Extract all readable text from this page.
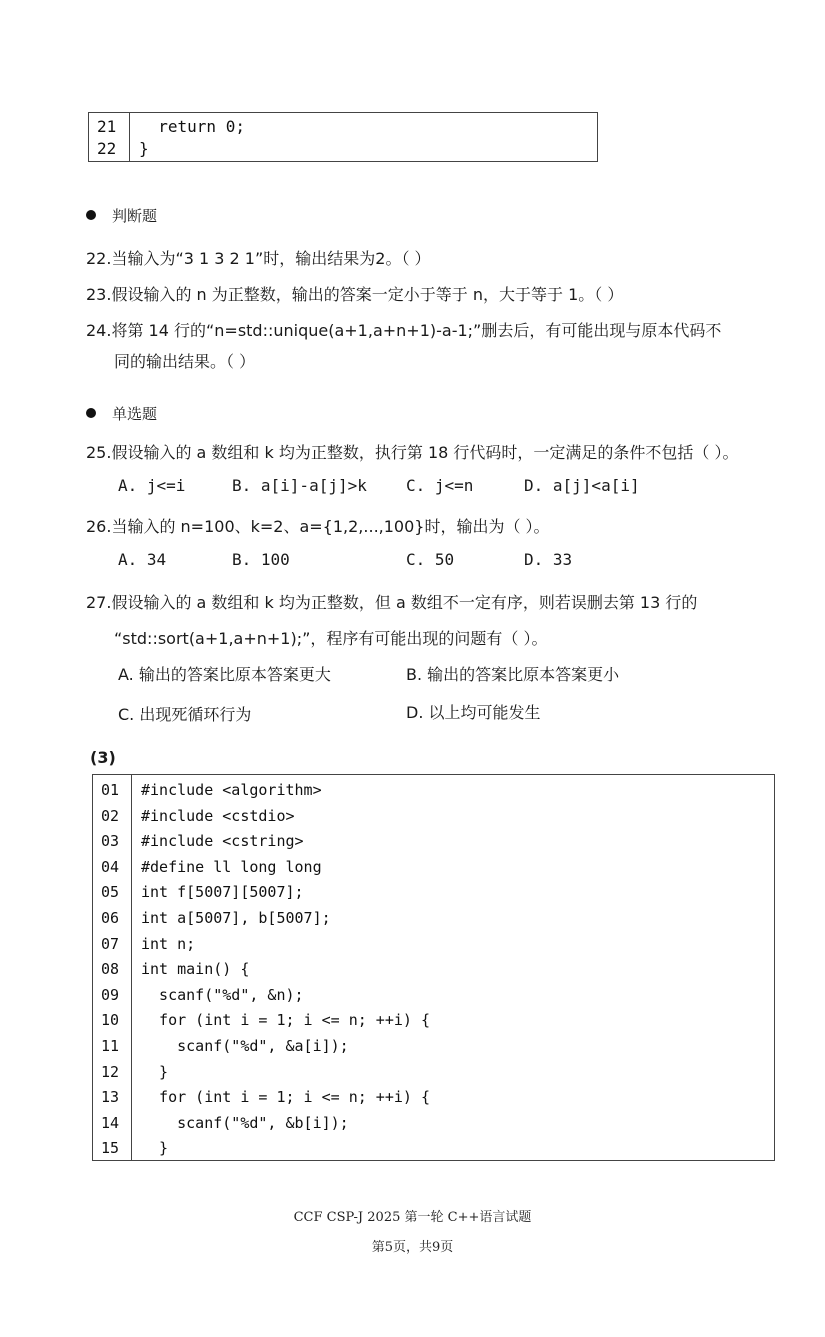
21 return 0;
22 }
判断题
22.当输入为“3 1 3 2 1”时，输出结果为2。（ ）
23.假设输入的 n 为正整数，输出的答案一定小于等于 n，大于等于 1。（ ）
24.将第 14 行的“n=std::unique(a+1,a+n+1)-a-1;”删去后，有可能出现与原本代码不
同的输出结果。（ ）
单选题
25.假设输入的 a 数组和 k 均为正整数，执行第 18 行代码时，一定满足的条件不包括（ ）。
A. j<=i	B. a[i]-a[j]>k C. j<=n	D. a[j]<a[i]
26.当输入的 n=100、k=2、a={1,2,...,100}时，输出为（ ）。
A. 34	B. 100	C. 50	D. 33
27.假设输入的 a 数组和 k 均为正整数，但 a 数组不一定有序，则若误删去第 13 行的
“std::sort(a+1,a+n+1);”，程序有可能出现的问题有（ ）。
A. 输出的答案比原本答案更大	B. 输出的答案比原本答案更小
C. 出现死循环行为	D. 以上均可能发生
(3)
01 #include <algorithm>
02 #include <cstdio>
03 #include <cstring>
04 #define ll long long
05 int f[5007][5007];
06 int a[5007], b[5007];
07 int n;
08 int main() {
09 scanf("%d", &n);
10 for (int i = 1; i <= n; ++i) {
11 scanf("%d", &a[i]);
12 }
13 for (int i = 1; i <= n; ++i) {
14 scanf("%d", &b[i]);
15 }
CCF CSP-J 2025 第一轮 C++语言试题
第5页，共9页
